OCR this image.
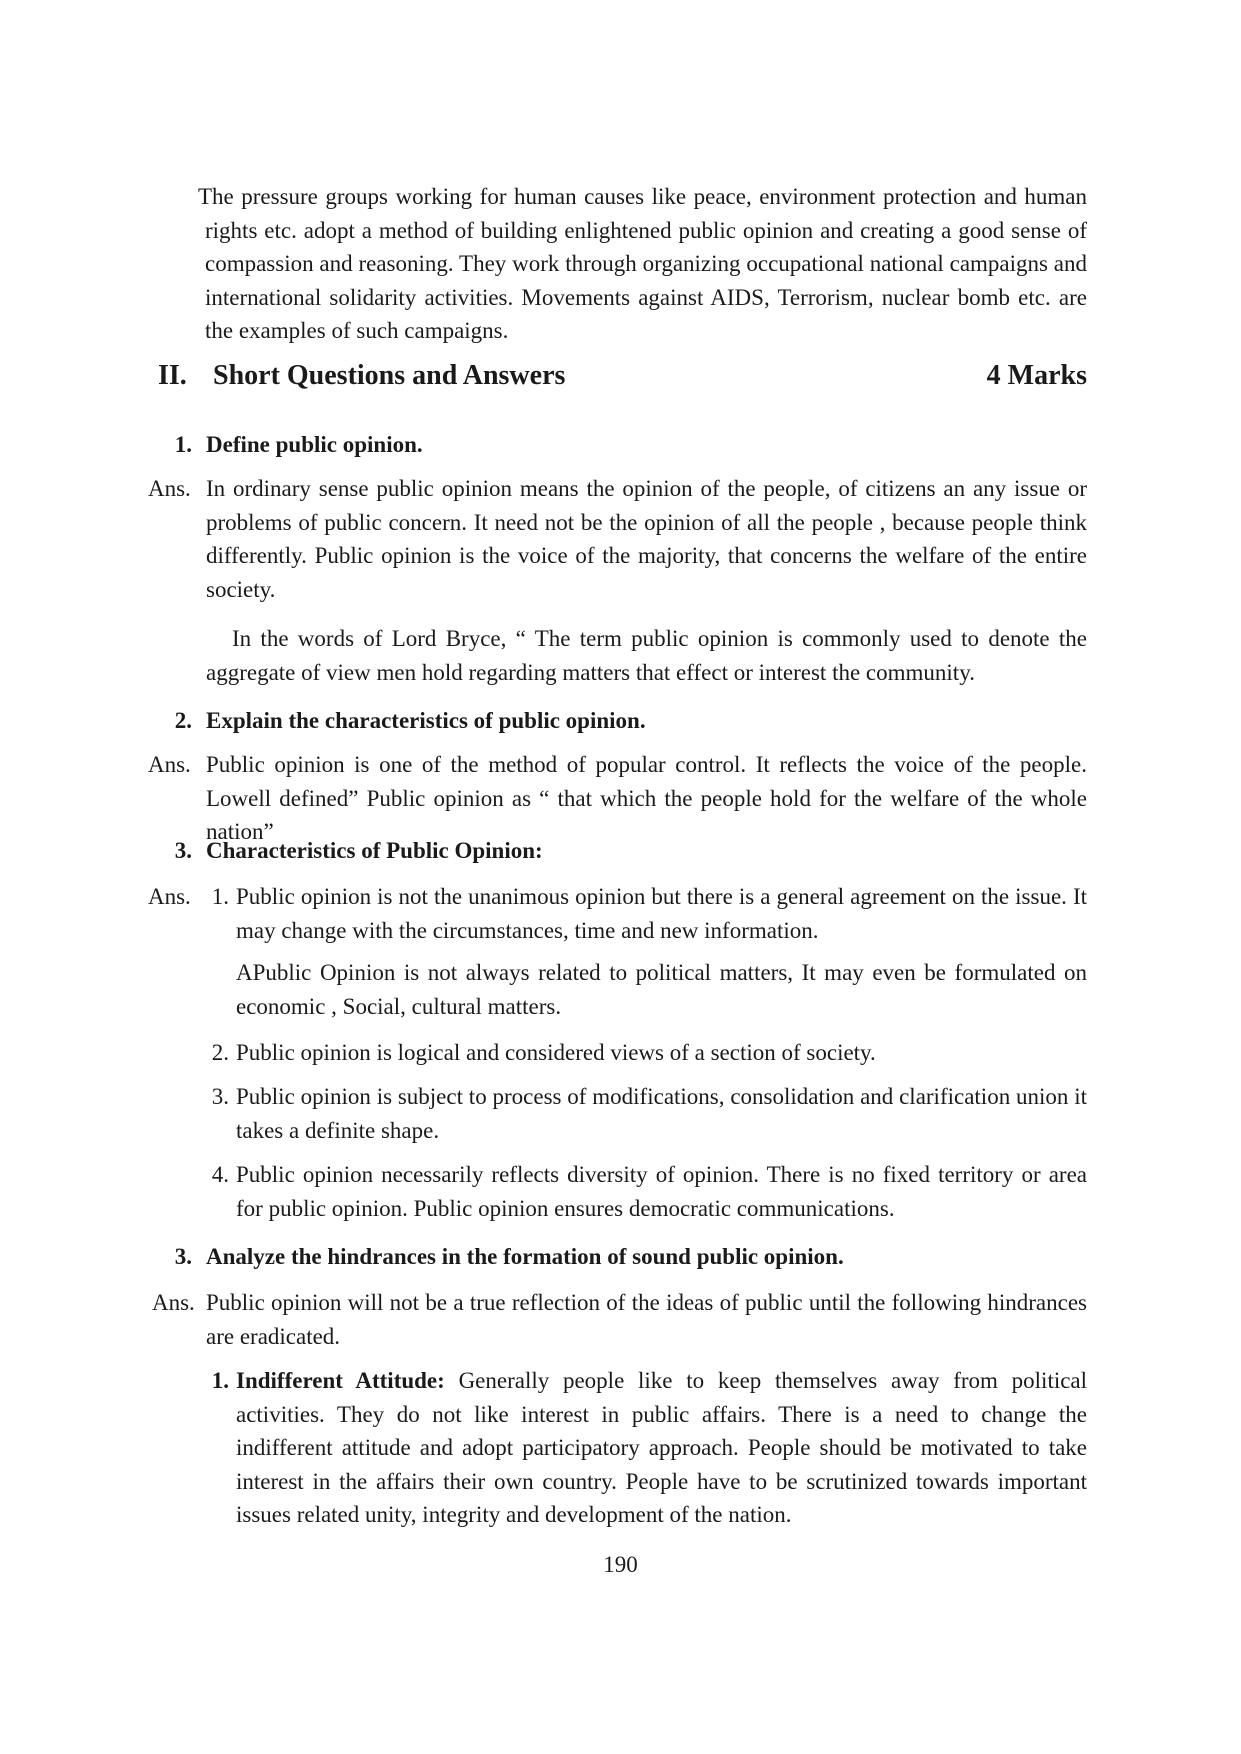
The pressure groups working for human causes like peace, environment protection and human rights etc. adopt a method of building enlightened public opinion and creating a good sense of compassion and reasoning. They work through organizing occupational national campaigns and international solidarity activities. Movements against AIDS, Terrorism, nuclear bomb etc. are the examples of such campaigns.

II. Short Questions and Answers	4 Marks
1. Define public opinion.
Ans. In ordinary sense public opinion means the opinion of the people, of citizens an any issue or problems of public concern. It need not be the opinion of all the people , because people think differently. Public opinion is the voice of the majority, that concerns the welfare of the entire society.

In the words of Lord Bryce, “ The term public opinion is commonly used to denote the aggregate of view men hold regarding matters that effect or interest the community.

2. Explain the characteristics of public opinion.
Ans. Public opinion is one of the method of popular control. It reflects the voice of the people. Lowell defined” Public opinion as “ that which the people hold for the welfare of the whole nation”

3. Characteristics of Public Opinion:
Ans. 1. Public opinion is not the unanimous opinion but there is a general agreement on the issue. It may change with the circumstances, time and new information.

APublic Opinion is not always related to political matters, It may even be formulated on economic , Social, cultural matters.

2. Public opinion is logical and considered views of a section of society.

3. Public opinion is subject to process of modifications, consolidation and clarification union it takes a definite shape.

4. Public opinion necessarily reflects diversity of opinion. There is no fixed territory or area for public opinion. Public opinion ensures democratic communications.

3. Analyze the hindrances in the formation of sound public opinion.
Ans. Public opinion will not be a true reflection of the ideas of public until the following hindrances are eradicated.

1. Indifferent Attitude: Generally people like to keep themselves away from political activities. They do not like interest in public affairs. There is a need to change the indifferent attitude and adopt participatory approach. People should be motivated to take interest in the affairs their own country. People have to be scrutinized towards important issues related unity, integrity and development of the nation.

190
